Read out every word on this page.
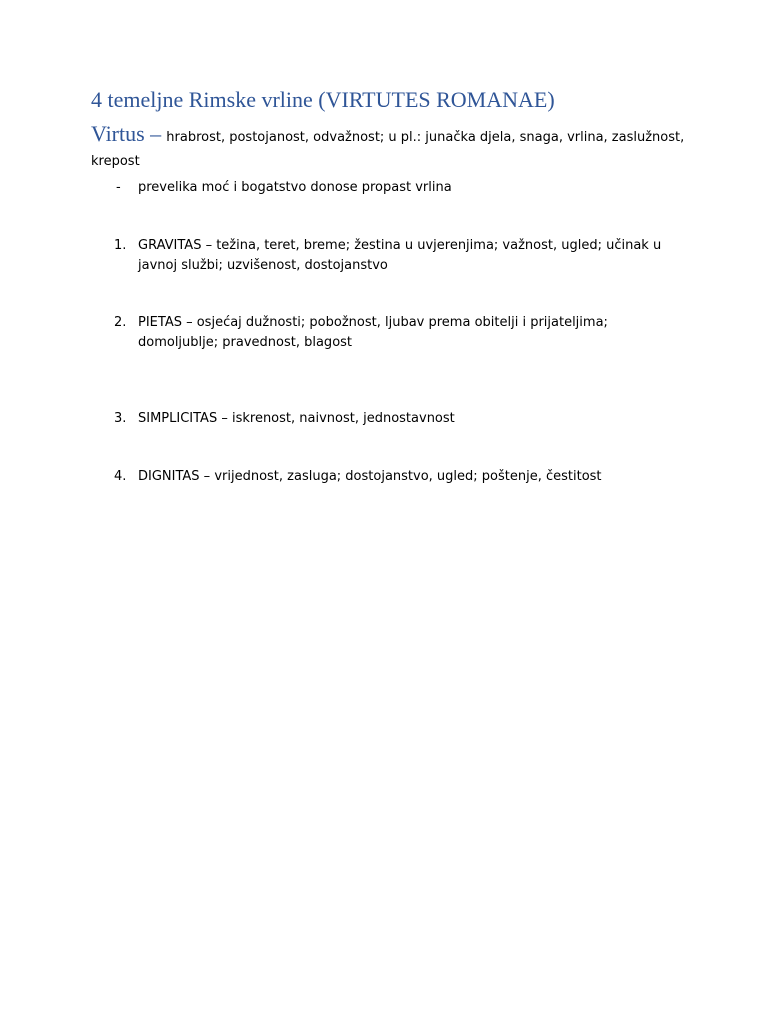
4 temeljne Rimske vrline (VIRTUTES ROMANAE)
Virtus – hrabrost, postojanost, odvažnost; u pl.: junačka djela, snaga, vrlina, zaslužnost, krepost
- prevelika moć i bogatstvo donose propast vrlina
1. GRAVITAS – težina, teret, breme; žestina u uvjerenjima; važnost, ugled; učinak u javnoj službi; uzvišenost, dostojanstvo
2. PIETAS – osjećaj dužnosti; pobožnost, ljubav prema obitelji i prijateljima; domoljublje; pravednost, blagost
3. SIMPLICITAS – iskrenost, naivnost, jednostavnost
4. DIGNITAS – vrijednost, zasluga; dostojanstvo, ugled; poštenje, čestitost
